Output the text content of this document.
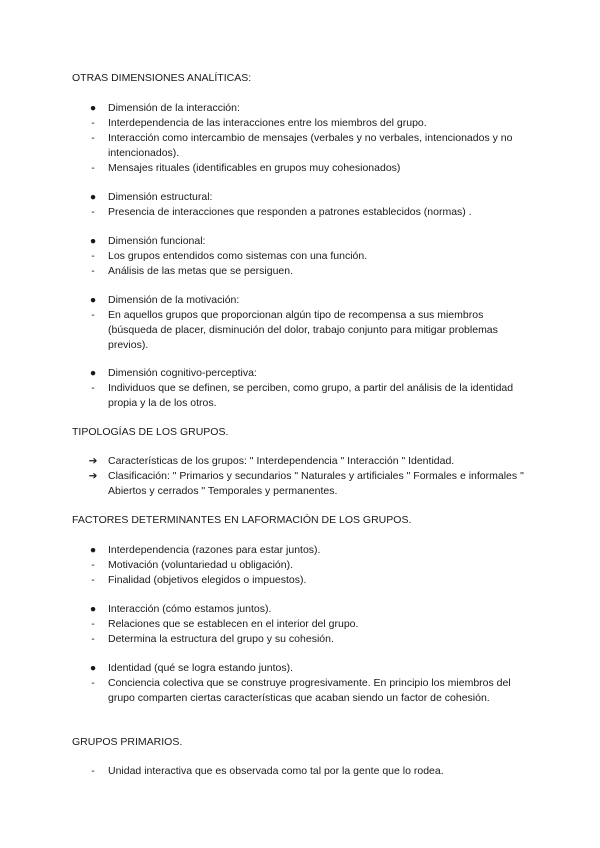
OTRAS DIMENSIONES ANALÍTICAS:
●	Dimensión de la interacción:
-	Interdependencia de las interacciones entre los miembros del grupo.
-	Interacción como intercambio de mensajes (verbales y no verbales, intencionados y no intencionados).
-	Mensajes rituales (identificables en grupos muy cohesionados)
●	Dimensión estructural:
-	Presencia de interacciones que responden a patrones establecidos (normas) .
●	Dimensión funcional:
-	Los grupos entendidos como sistemas con una función.
-	Análisis de las metas que se persiguen.
●	Dimensión de la motivación:
-	En aquellos grupos que proporcionan algún tipo de recompensa a sus miembros (búsqueda de placer, disminución del dolor, trabajo conjunto para mitigar problemas previos).
●	Dimensión cognitivo-perceptiva:
-	Individuos que se definen, se perciben, como grupo, a partir del análisis de la identidad propia y la de los otros.
TIPOLOGÍAS DE LOS GRUPOS.
➔ Características de los grupos: " Interdependencia " Interacción " Identidad.
➔ Clasificación: " Primarios y secundarios " Naturales y artificiales " Formales e informales " Abiertos y cerrados " Temporales y permanentes.
FACTORES DETERMINANTES EN LAFORMACIÓN DE LOS GRUPOS.
●	Interdependencia (razones para estar juntos).
-	Motivación (voluntariedad u obligación).
-	Finalidad (objetivos elegidos o impuestos).
●	Interacción (cómo estamos juntos).
-	Relaciones que se establecen en el interior del grupo.
-	Determina la estructura del grupo y su cohesión.
●	Identidad (qué se logra estando juntos).
-	Conciencia colectiva que se construye progresivamente. En principio los miembros del grupo comparten ciertas características que acaban siendo un factor de cohesión.
GRUPOS PRIMARIOS.
-	Unidad interactiva que es observada como tal por la gente que lo rodea.
